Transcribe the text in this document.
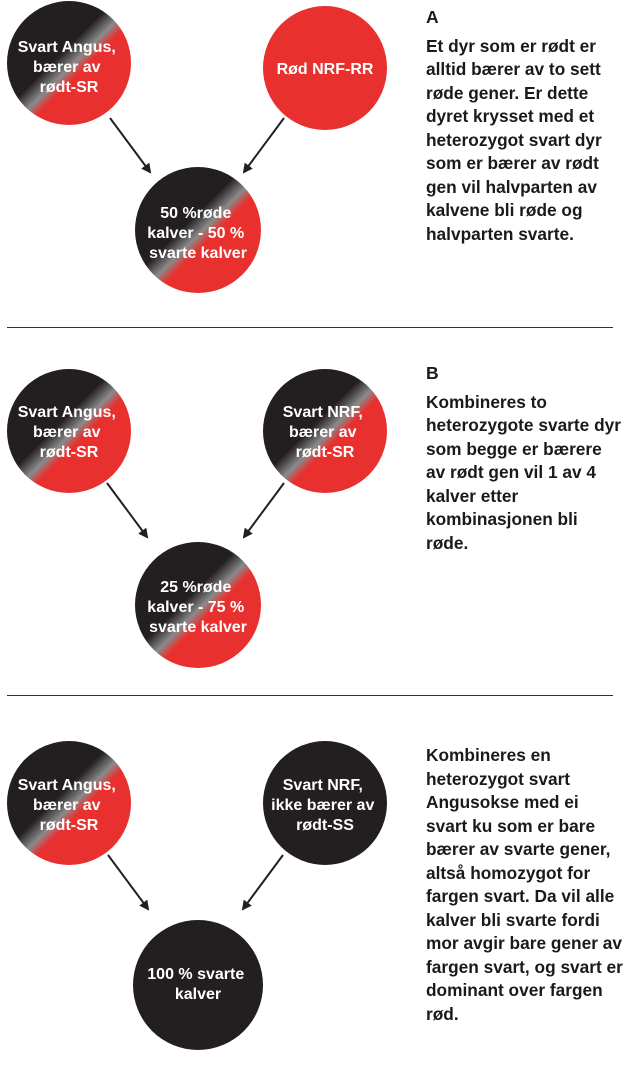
Svart Angus, bærer av rødt-SR
Rød NRF-RR
50 %røde kalver - 50 % svarte kalver
Svart Angus, bærer av rødt-SR
Svart NRF, bærer av rødt-SR
25 %røde kalver - 75 % svarte kalver
Svart Angus, bærer av rødt-SR
Svart NRF, ikke bærer av rødt-SS
100 % svarte kalver
A
Et dyr som er rødt er alltid bærer av to sett røde gener. Er dette dyret krysset med et heterozygot svart dyr som er bærer av rødt gen vil halvparten av kalvene bli røde og halvparten svarte.
B
Kombineres to heterozygote svarte dyr som begge er bærere av rødt gen vil 1 av 4 kalver etter kombinasjonen bli røde.
Kombineres en heterozygot svart Angusokse med ei svart ku som er bare bærer av svarte gener, altså homozygot for fargen svart. Da vil alle kalver bli svarte fordi mor avgir bare gener av fargen svart, og svart er dominant over fargen rød.
